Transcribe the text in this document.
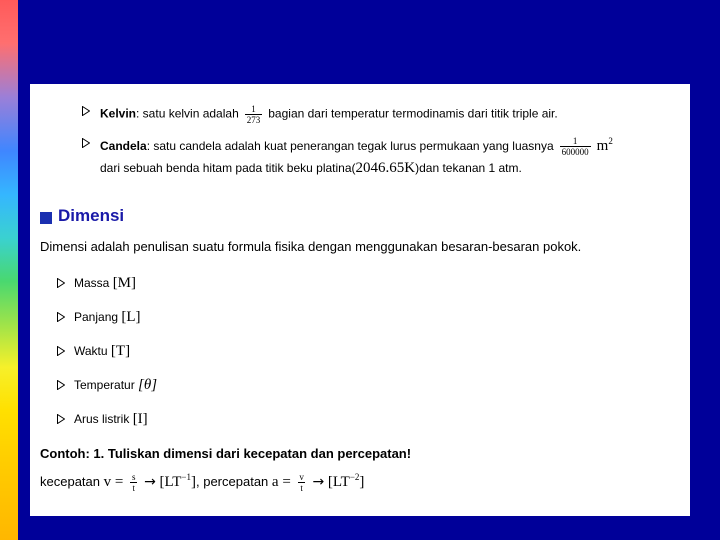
Kelvin: satu kelvin adalah $\frac{1}{273}$ bagian dari temperatur termodinamis dari titik triple air.
Candela: satu candela adalah kuat penerangan tegak lurus permukaan yang luasnya $\frac{1}{600000} m^2$
dari sebuah benda hitam pada titik beku platina(2046.65K)dan tekanan 1 atm.
Dimensi
Dimensi adalah penulisan suatu formula fisika dengan menggunakan besaran-besaran pokok.
Massa [M]
Panjang [L]
Waktu [T]
Temperatur [θ]
Arus listrik [I]
Contoh: 1. Tuliskan dimensi dari kecepatan dan percepatan!
kecepatan $v = \frac{s}{t} \to [LT^{-1}]$, percepatan $a = \frac{v}{t} \to [LT^{-2}]$
